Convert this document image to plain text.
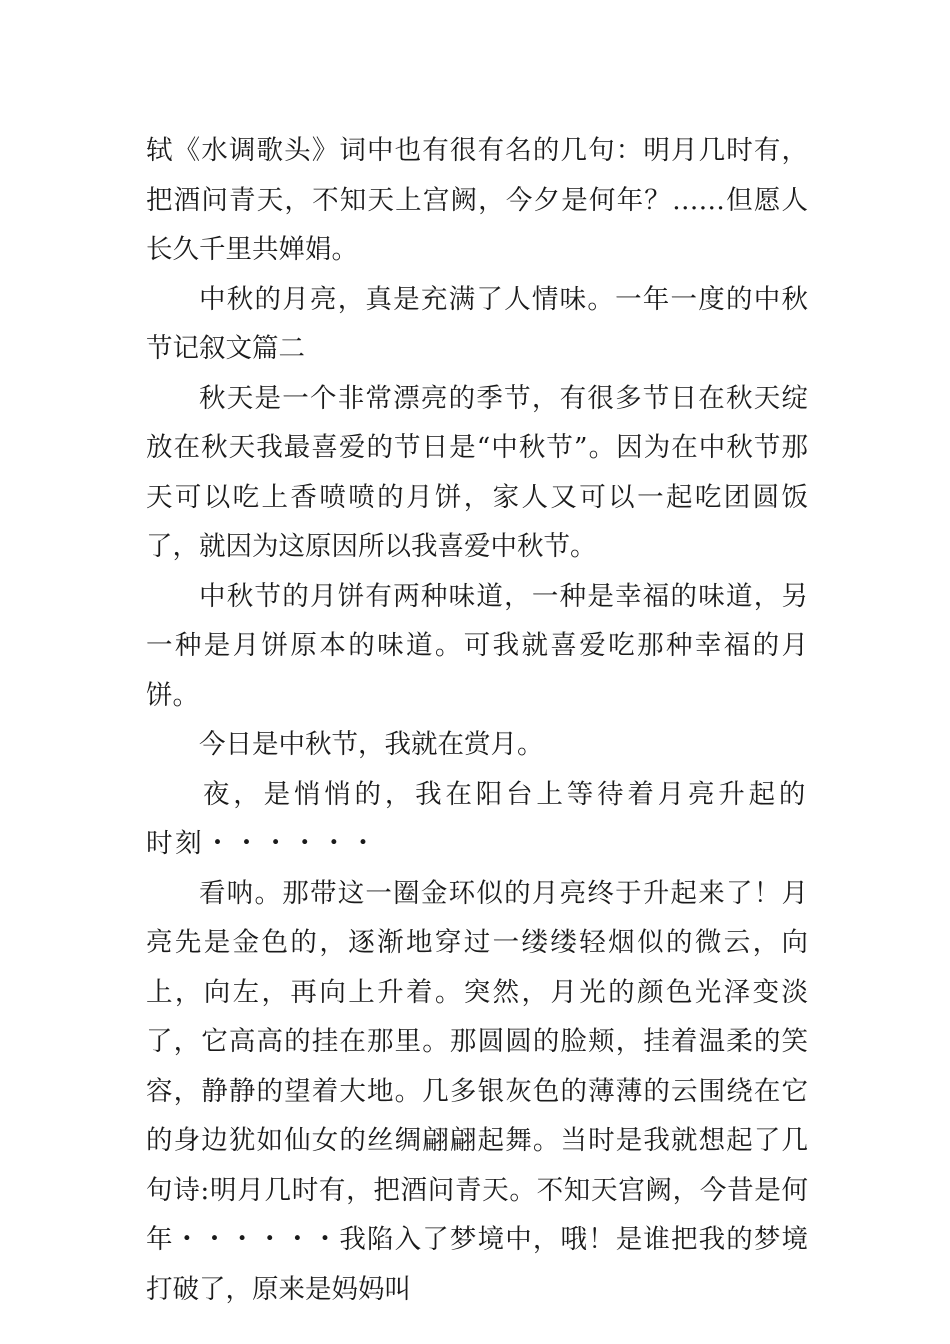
轼《水调歌头》词中也有很有名的几句：明月几时有，把酒问青天，不知天上宫阙，今夕是何年？……但愿人长久千里共婵娟。

中秋的月亮，真是充满了人情味。一年一度的中秋节记叙文篇二

秋天是一个非常漂亮的季节，有很多节日在秋天绽放在秋天我最喜爱的节日是“中秋节”。因为在中秋节那天可以吃上香喷喷的月饼，家人又可以一起吃团圆饭了，就因为这原因所以我喜爱中秋节。

中秋节的月饼有两种味道，一种是幸福的味道，另一种是月饼原本的味道。可我就喜爱吃那种幸福的月饼。

今日是中秋节，我就在赏月。

夜，是悄悄的，我在阳台上等待着月亮升起的时刻・・・・・・

看呐。那带这一圈金环似的月亮终于升起来了！月亮先是金色的，逐渐地穿过一缕缕轻烟似的微云，向上，向左，再向上升着。突然，月光的颜色光泽变淡了，它高高的挂在那里。那圆圆的脸颊，挂着温柔的笑容，静静的望着大地。几多银灰色的薄薄的云围绕在它的身边犹如仙女的丝绸翩翩起舞。当时是我就想起了几句诗:明月几时有，把酒问青天。不知天宫阙，今昔是何年・・・・・・我陷入了梦境中，哦！是谁把我的梦境打破了，原来是妈妈叫
